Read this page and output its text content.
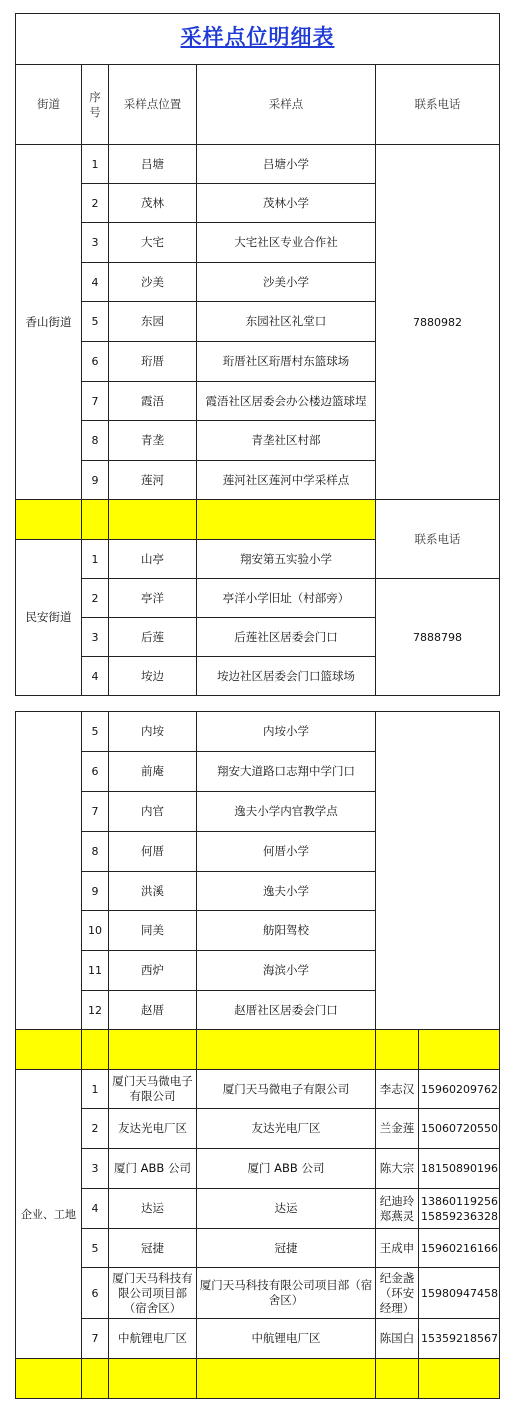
采样点位明细表				
街道	序号	采样点位置	采样点	联系电话
香山街道	1	吕塘	吕塘小学	7880982
	2	茂林	茂林小学	
	3	大宅	大宅社区专业合作社	
	4	沙美	沙美小学	
	5	东园	东园社区礼堂口	
	6	珩厝	珩厝社区珩厝村东篮球场	
	7	霞浯	霞浯社区居委会办公楼边篮球埕	
	8	青垄	青垄社区村部	
	9	莲河	莲河社区莲河中学采样点	
				联系电话
民安街道	1	山亭	翔安第五实验小学	
	2	亭洋	亭洋小学旧址（村部旁）	7888798
	3	后莲	后莲社区居委会门口	
	4	垵边	垵边社区居委会门口篮球场	
	5	内垵	内垵小学		
	6	前庵	翔安大道路口志翔中学门口		
	7	内官	逸夫小学内官教学点		
	8	何厝	何厝小学		
	9	洪溪	逸夫小学		
	10	同美	舫阳驾校		
	11	西炉	海滨小学		
	12	赵厝	赵厝社区居委会门口		

企业、工地	1	厦门天马微电子有限公司	厦门天马微电子有限公司	李志汉	15960209762
	2	友达光电厂区	友达光电厂区	兰金莲	15060720550
	3	厦门 ABB 公司	厦门 ABB 公司	陈大宗	18150890196
	4	达运	达运	纪迪玲 郑燕灵	13860119256 15859236328
	5	冠捷	冠捷	王成申	15960216166
	6	厦门天马科技有限公司项目部（宿舍区）	厦门天马科技有限公司项目部（宿舍区）	纪金盏（环安经理）	15980947458
	7	中航锂电厂区	中航锂电厂区	陈国白	15359218567
